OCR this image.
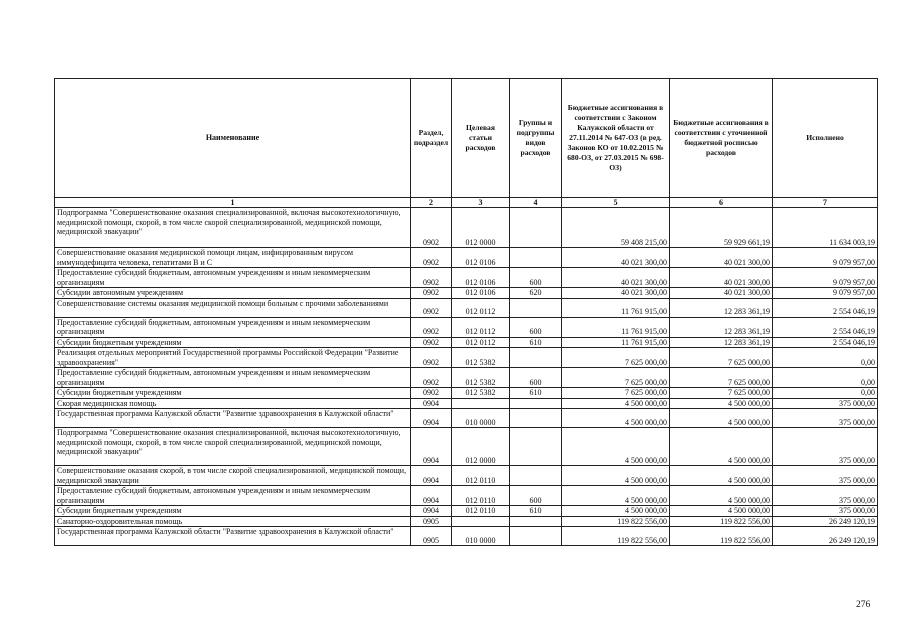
Наименование	Раздел, подраздел	Целевая статьи расходов	Группы и подгруппы видов расходов	Бюджетные ассигнования в соответствии с Законом Калужской области от 27.11.2014 № 647-ОЗ (в ред. Законов КО от 10.02.2015 № 680-ОЗ, от 27.03.2015 № 698-ОЗ)	Бюджетные ассигнования в соответствии с уточненной бюджетной росписью расходов	Исполнено
1	2	3	4	5	6	7
Подпрограмма "Совершенствование оказания специализированной, включая высокотехнологичную, медицинской помощи, скорой, в том числе скорой специализированной, медицинской помощи, медицинской эвакуации"	0902	012 0000		59 408 215,00	59 929 661,19	11 634 003,19
Совершенствование оказания медицинской помощи лицам, инфицированным вирусом иммунодефицита человека, гепатитами В и С	0902	012 0106		40 021 300,00	40 021 300,00	9 079 957,00
Предоставление субсидий бюджетным, автономным учреждениям и иным некоммерческим организациям	0902	012 0106	600	40 021 300,00	40 021 300,00	9 079 957,00
Субсидии автономным учреждениям	0902	012 0106	620	40 021 300,00	40 021 300,00	9 079 957,00
Совершенствование системы оказания медицинской помощи больным с прочими заболеваниями	0902	012 0112		11 761 915,00	12 283 361,19	2 554 046,19
Предоставление субсидий бюджетным, автономным учреждениям и иным некоммерческим организациям	0902	012 0112	600	11 761 915,00	12 283 361,19	2 554 046,19
Субсидии бюджетным учреждениям	0902	012 0112	610	11 761 915,00	12 283 361,19	2 554 046,19
Реализация отдельных мероприятий Государственной программы Российской Федерации "Развитие здравоохранения"	0902	012 5382		7 625 000,00	7 625 000,00	0,00
Предоставление субсидий бюджетным, автономным учреждениям и иным некоммерческим организациям	0902	012 5382	600	7 625 000,00	7 625 000,00	0,00
Субсидии бюджетным учреждениям	0902	012 5382	610	7 625 000,00	7 625 000,00	0,00
Скорая медицинская помощь	0904			4 500 000,00	4 500 000,00	375 000,00
Государственная программа Калужской области "Развитие здравоохранения в Калужской области"	0904	010 0000		4 500 000,00	4 500 000,00	375 000,00
Подпрограмма "Совершенствование оказания специализированной, включая высокотехнологичную, медицинской помощи, скорой, в том числе скорой специализированной, медицинской помощи, медицинской эвакуации"	0904	012 0000		4 500 000,00	4 500 000,00	375 000,00
Совершенствование оказания скорой, в том числе скорой специализированной, медицинской помощи, медицинской эвакуации	0904	012 0110		4 500 000,00	4 500 000,00	375 000,00
Предоставление субсидий бюджетным, автономным учреждениям и иным некоммерческим организациям	0904	012 0110	600	4 500 000,00	4 500 000,00	375 000,00
Субсидии бюджетным учреждениям	0904	012 0110	610	4 500 000,00	4 500 000,00	375 000,00
Санаторно-оздоровительная помощь	0905			119 822 556,00	119 822 556,00	26 249 120,19
Государственная программа Калужской области "Развитие здравоохранения в Калужской области"	0905	010 0000		119 822 556,00	119 822 556,00	26 249 120,19
276
